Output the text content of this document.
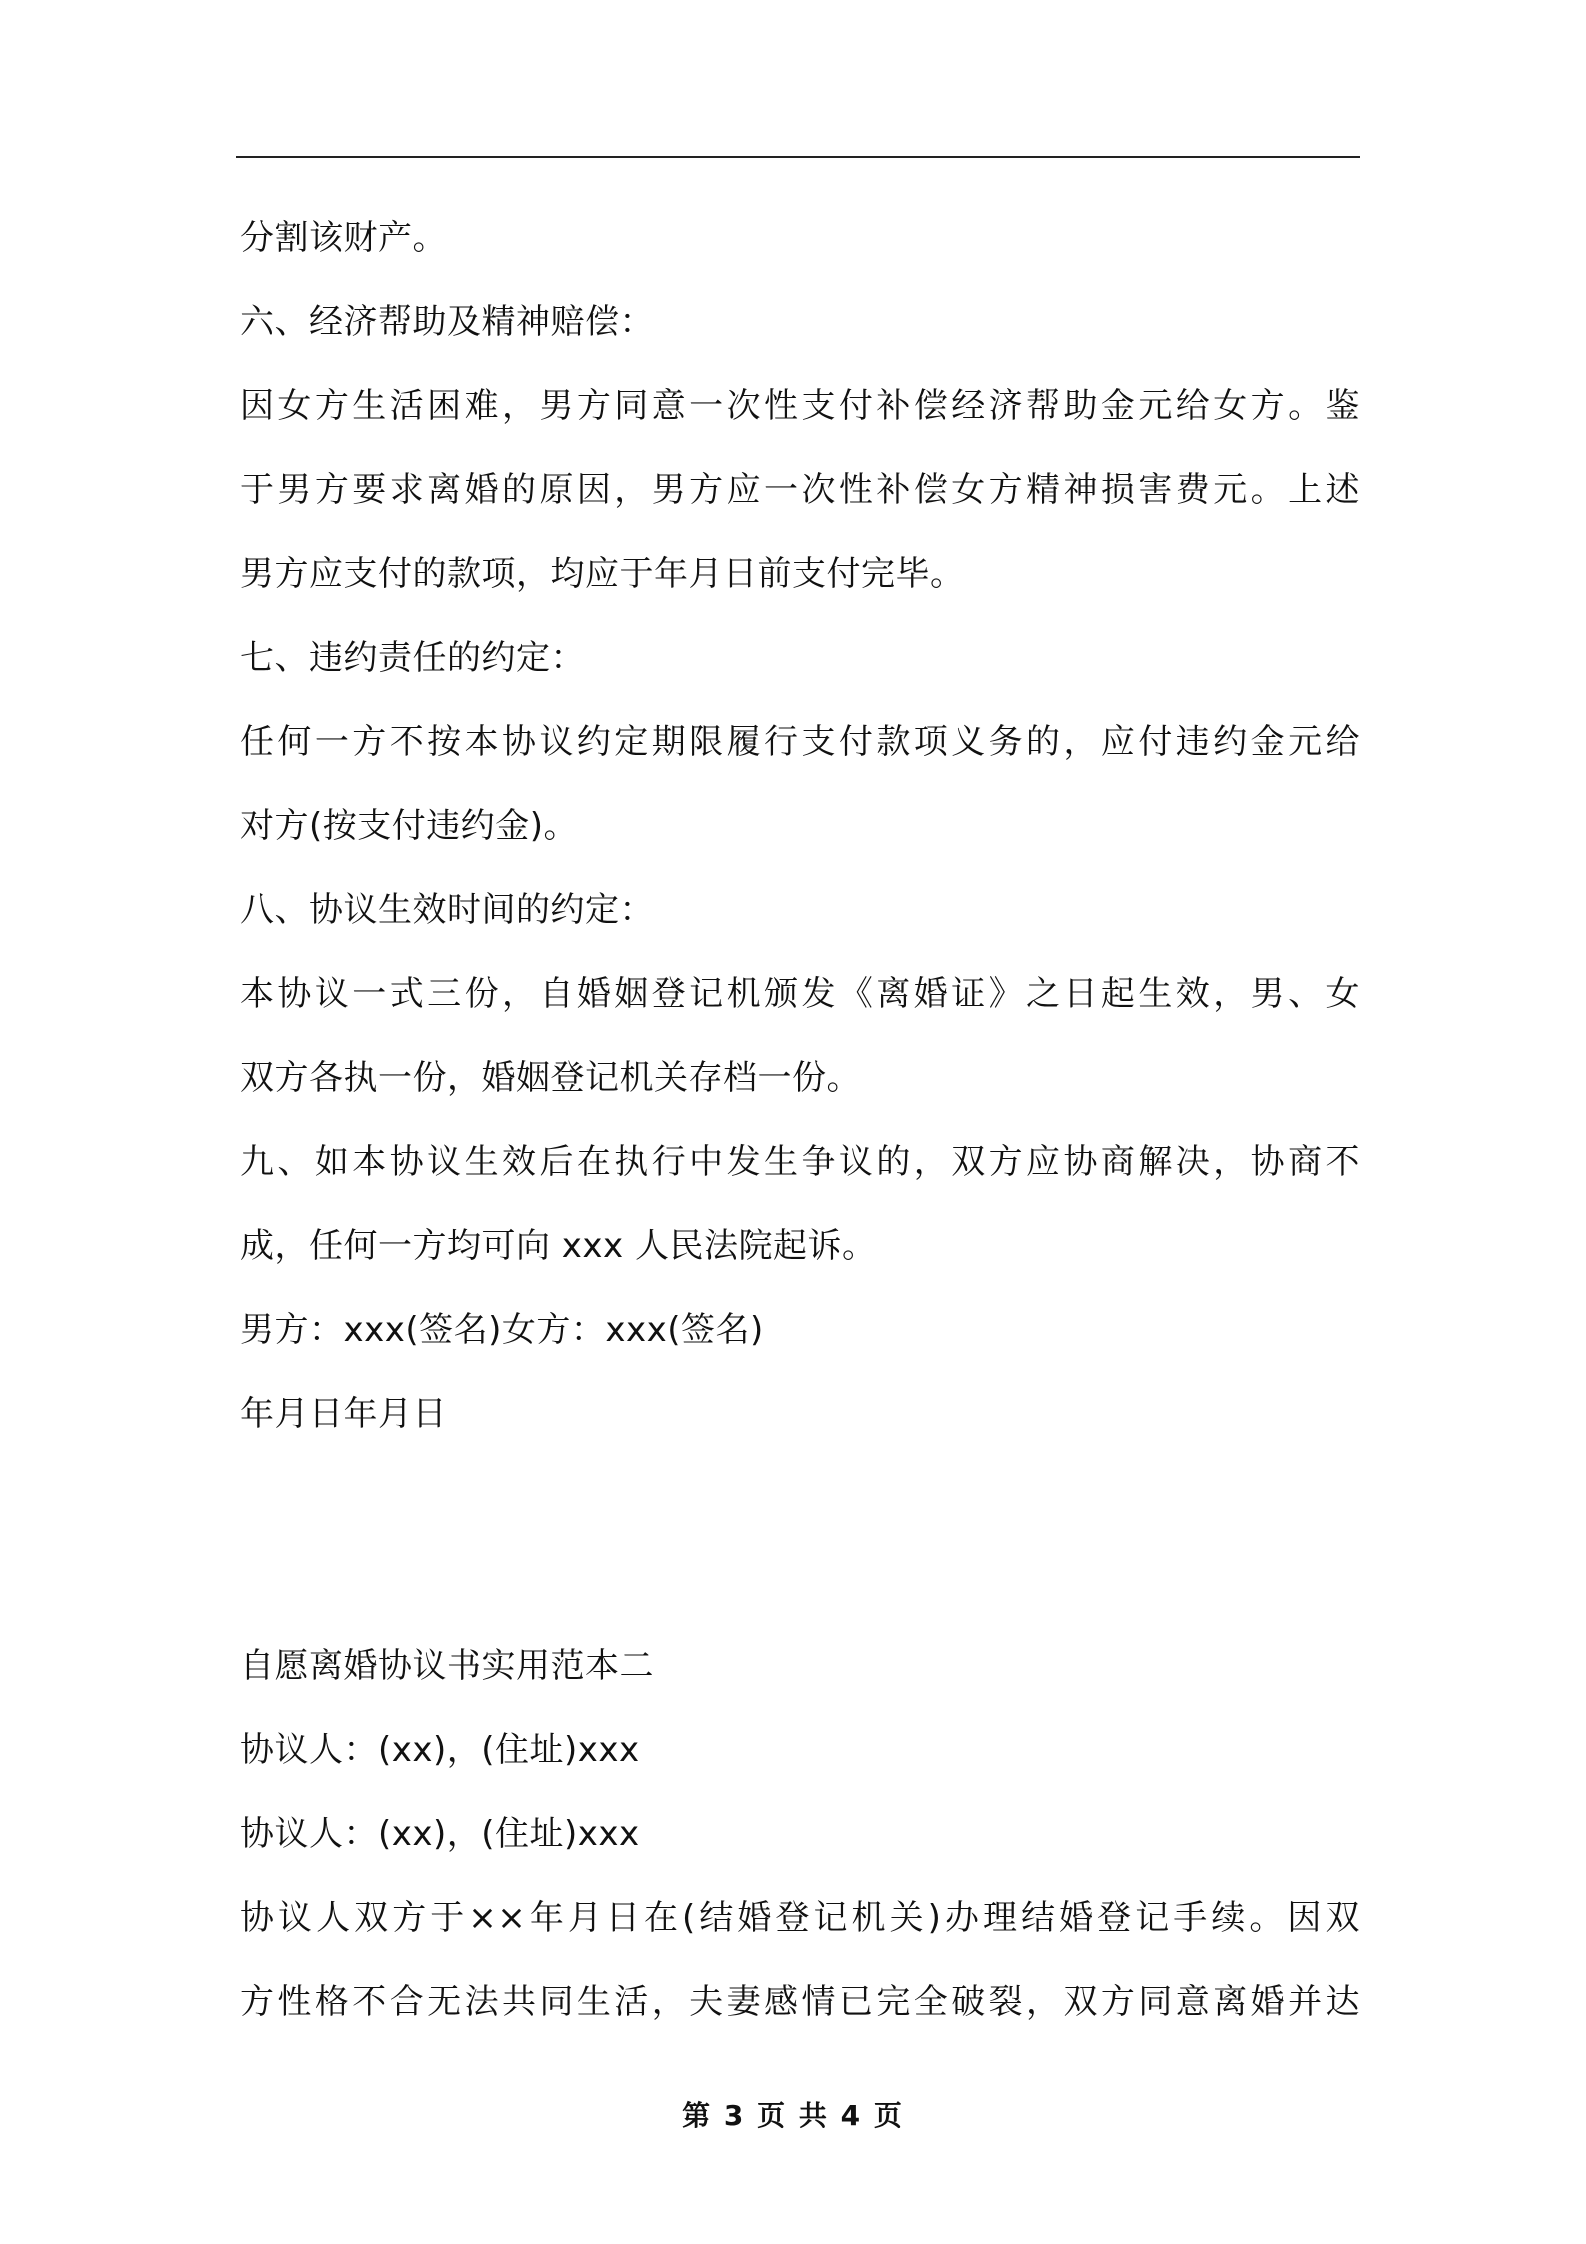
分割该财产。
六、经济帮助及精神赔偿：
因女方生活困难，男方同意一次性支付补偿经济帮助金元给女方。鉴
于男方要求离婚的原因，男方应一次性补偿女方精神损害费元。上述
男方应支付的款项，均应于年月日前支付完毕。
七、违约责任的约定：
任何一方不按本协议约定期限履行支付款项义务的，应付违约金元给
对方(按支付违约金)。
八、协议生效时间的约定：
本协议一式三份，自婚姻登记机颁发《离婚证》之日起生效，男、女
双方各执一份，婚姻登记机关存档一份。
九、如本协议生效后在执行中发生争议的，双方应协商解决，协商不
成，任何一方均可向 xxx 人民法院起诉。
男方：xxx(签名)女方：xxx(签名)
年月日年月日
自愿离婚协议书实用范本二
协议人：(xx)，(住址)xxx
协议人：(xx)，(住址)xxx
协议人双方于××年月日在(结婚登记机关)办理结婚登记手续。因双
方性格不合无法共同生活，夫妻感情已完全破裂，双方同意离婚并达
第 3 页 共 4 页
